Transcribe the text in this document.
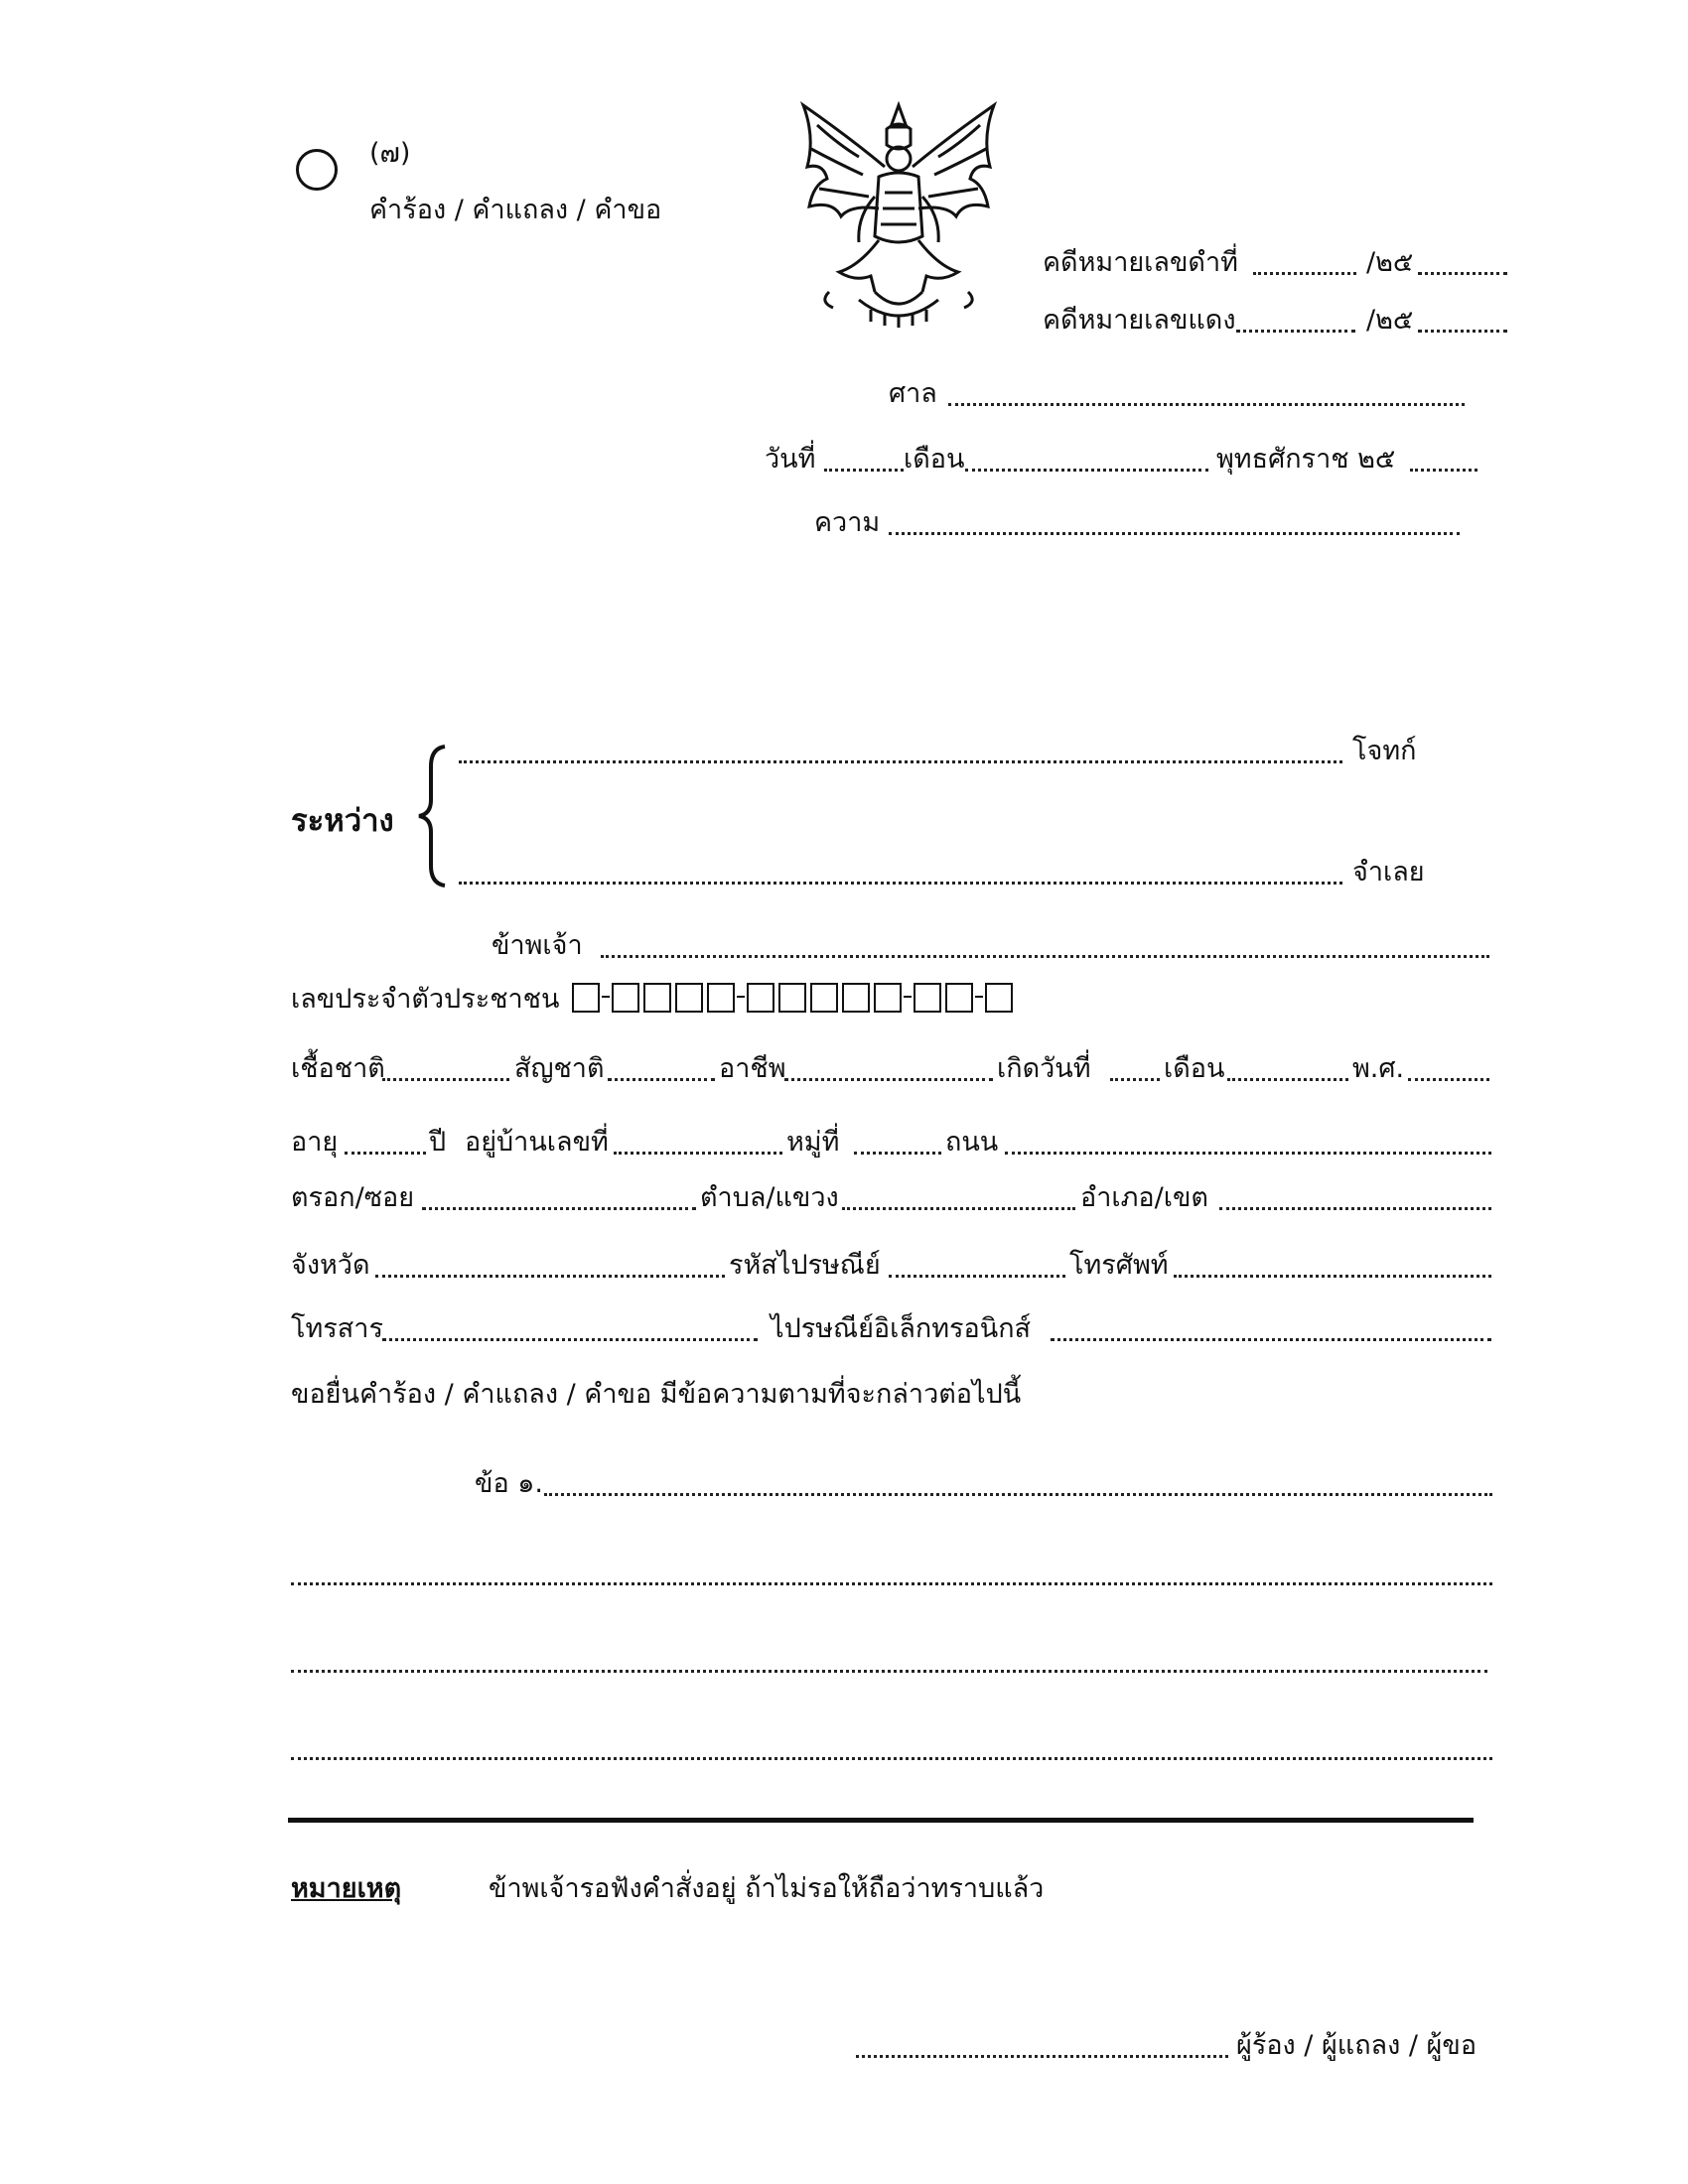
(๗)
คำร้อง / คำแถลง / คำขอ
คดีหมายเลขดำที่	/๒๕
คดีหมายเลขแดง	/๒๕
ศาล
วันที่	เดือน	พุทธศักราช ๒๕
ความ
โจทก์
ระหว่าง
จำเลย
ข้าพเจ้า
เลขประจำตัวประชาชน
เชื้อชาติ	สัญชาติ	อาชีพ	เกิดวันที่	เดือน	พ.ศ.
อายุ	ปี อยู่บ้านเลขที่	หมู่ที่	ถนน
ตรอก/ซอย	ตำบล/แขวง	อำเภอ/เขต
จังหวัด	รหัสไปรษณีย์	โทรศัพท์
โทรสาร	ไปรษณีย์อิเล็กทรอนิกส์
ขอยื่นคำร้อง / คำแถลง / คำขอ มีข้อความตามที่จะกล่าวต่อไปนี้
ข้อ ๑.
หมายเหตุ	ข้าพเจ้ารอฟังคำสั่งอยู่ ถ้าไม่รอให้ถือว่าทราบแล้ว
ผู้ร้อง / ผู้แถลง / ผู้ขอ
